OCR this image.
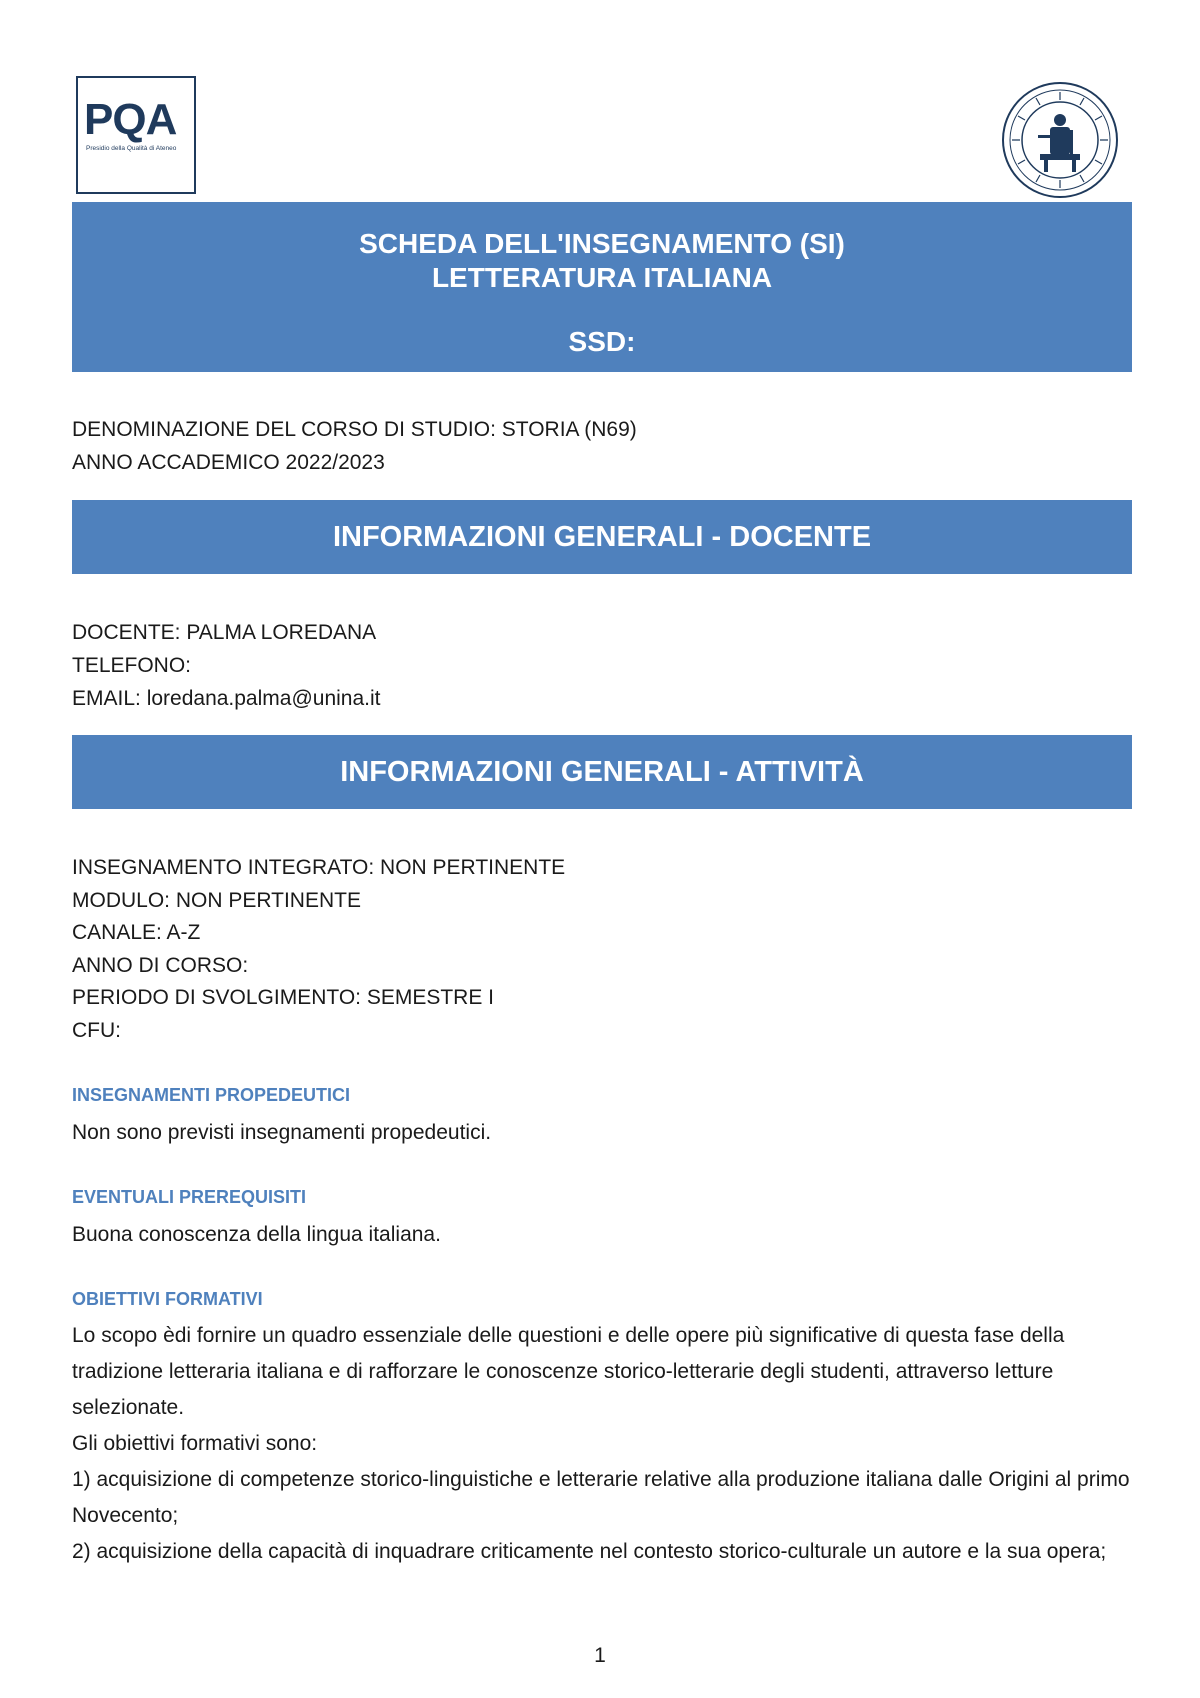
PQA
Presidio della Qualità di Ateneo
SCHEDA DELL'INSEGNAMENTO (SI)
LETTERATURA ITALIANA
SSD:
DENOMINAZIONE DEL CORSO DI STUDIO: STORIA (N69)
ANNO ACCADEMICO 2022/2023
INFORMAZIONI GENERALI - DOCENTE
DOCENTE: PALMA LOREDANA
TELEFONO:
EMAIL: loredana.palma@unina.it
INFORMAZIONI GENERALI - ATTIVITÀ
INSEGNAMENTO INTEGRATO: NON PERTINENTE
MODULO: NON PERTINENTE
CANALE: A-Z
ANNO DI CORSO:
PERIODO DI SVOLGIMENTO: SEMESTRE I
CFU:
INSEGNAMENTI PROPEDEUTICI
Non sono previsti insegnamenti propedeutici.
EVENTUALI PREREQUISITI
Buona conoscenza della lingua italiana.
OBIETTIVI FORMATIVI
Lo scopo èdi fornire un quadro essenziale delle questioni e delle opere più significative di questa fase della tradizione letteraria italiana e di rafforzare le conoscenze storico-letterarie degli studenti, attraverso letture selezionate.
Gli obiettivi formativi sono:
1) acquisizione di competenze storico-linguistiche e letterarie relative alla produzione italiana dalle Origini al primo Novecento;
2) acquisizione della capacità di inquadrare criticamente nel contesto storico-culturale un autore e la sua opera;
1
